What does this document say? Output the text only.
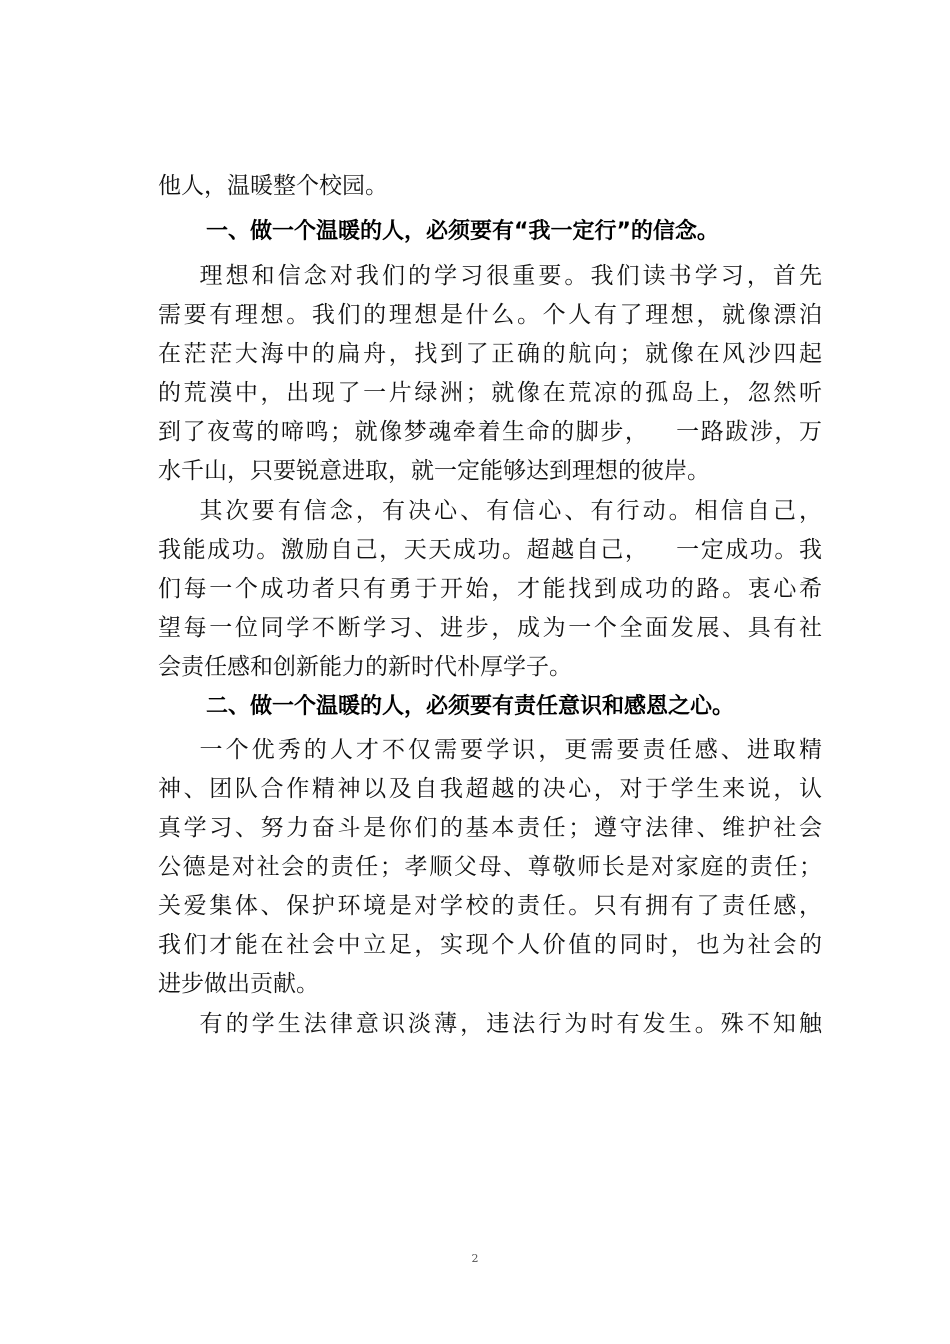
他人，温暖整个校园。
一、做一个温暖的人，必须要有“我一定行”的信念。
理想和信念对我们的学习很重要。我们读书学习，首先
需要有理想。我们的理想是什么。个人有了理想，就像漂泊
在茫茫大海中的扁舟，找到了正确的航向；就像在风沙四起
的荒漠中，出现了一片绿洲；就像在荒凉的孤岛上，忽然听
到了夜莺的啼鸣；就像梦魂牵着生命的脚步，   一路跋涉，万
水千山，只要锐意进取，就一定能够达到理想的彼岸。
其次要有信念，有决心、有信心、有行动。相信自己，
我能成功。激励自己，天天成功。超越自己，   一定成功。我
们每一个成功者只有勇于开始，才能找到成功的路。衷心希
望每一位同学不断学习、进步，成为一个全面发展、具有社
会责任感和创新能力的新时代朴厚学子。
二、做一个温暖的人，必须要有责任意识和感恩之心。
一个优秀的人才不仅需要学识，更需要责任感、进取精
神、团队合作精神以及自我超越的决心，对于学生来说，认
真学习、努力奋斗是你们的基本责任；遵守法律、维护社会
公德是对社会的责任；孝顺父母、尊敬师长是对家庭的责任；
关爱集体、保护环境是对学校的责任。只有拥有了责任感，
我们才能在社会中立足，实现个人价值的同时，也为社会的
进步做出贡献。
有的学生法律意识淡薄，违法行为时有发生。殊不知触
2
